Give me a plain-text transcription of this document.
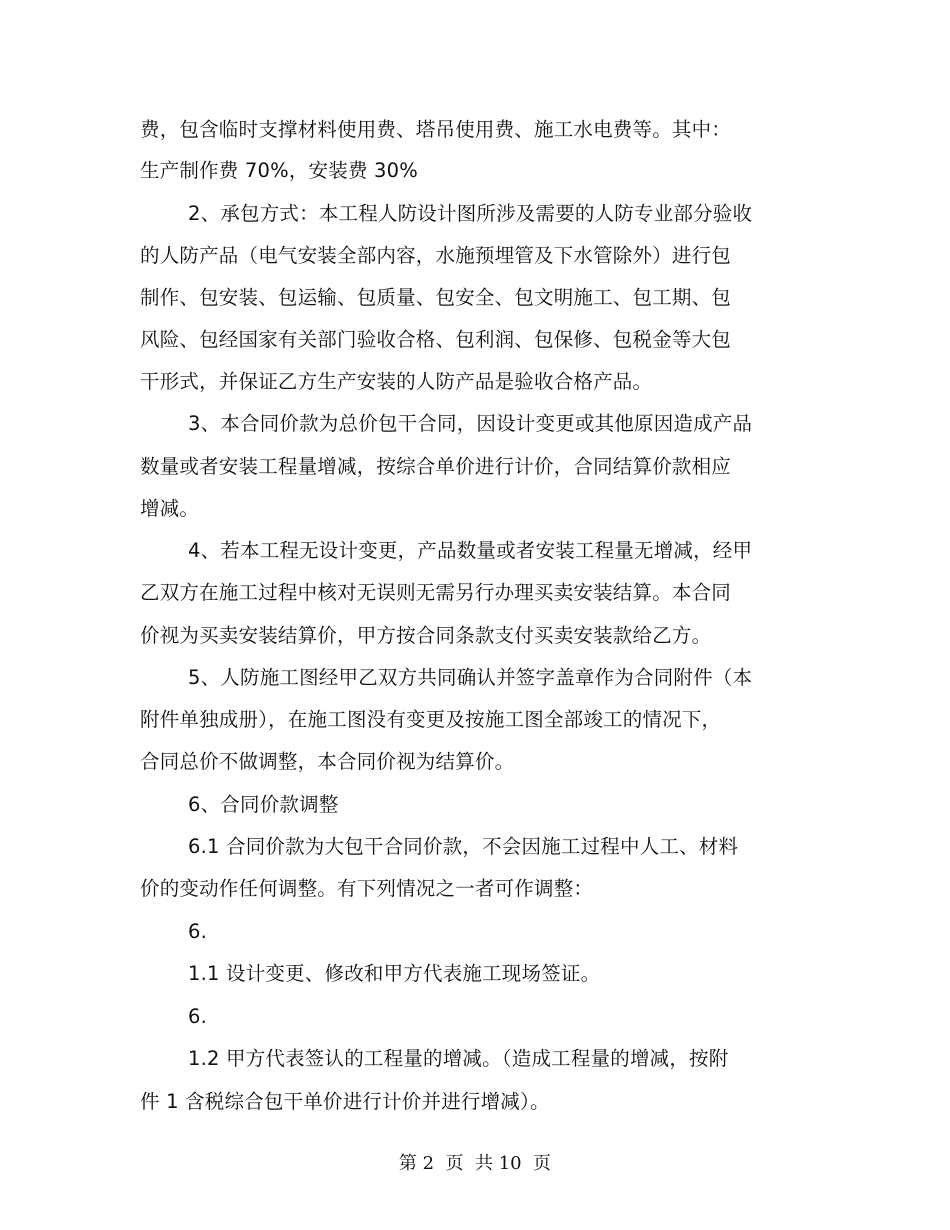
费，包含临时支撑材料使用费、塔吊使用费、施工水电费等。其中：
生产制作费 70%，安装费 30%
2、承包方式：本工程人防设计图所涉及需要的人防专业部分验收
的人防产品（电气安装全部内容，水施预埋管及下水管除外）进行包
制作、包安装、包运输、包质量、包安全、包文明施工、包工期、包
风险、包经国家有关部门验收合格、包利润、包保修、包税金等大包
干形式，并保证乙方生产安装的人防产品是验收合格产品。
3、本合同价款为总价包干合同，因设计变更或其他原因造成产品
数量或者安装工程量增减，按综合单价进行计价，合同结算价款相应
增减。
4、若本工程无设计变更，产品数量或者安装工程量无增减，经甲
乙双方在施工过程中核对无误则无需另行办理买卖安装结算。本合同
价视为买卖安装结算价，甲方按合同条款支付买卖安装款给乙方。
5、人防施工图经甲乙双方共同确认并签字盖章作为合同附件（本
附件单独成册），在施工图没有变更及按施工图全部竣工的情况下，
合同总价不做调整，本合同价视为结算价。
6、合同价款调整
6.1 合同价款为大包干合同价款，不会因施工过程中人工、材料
价的变动作任何调整。有下列情况之一者可作调整：
6.
1.1 设计变更、修改和甲方代表施工现场签证。
6.
1.2 甲方代表签认的工程量的增减。（造成工程量的增减，按附
件 1 含税综合包干单价进行计价并进行增减）。
第 2  页  共 10  页
